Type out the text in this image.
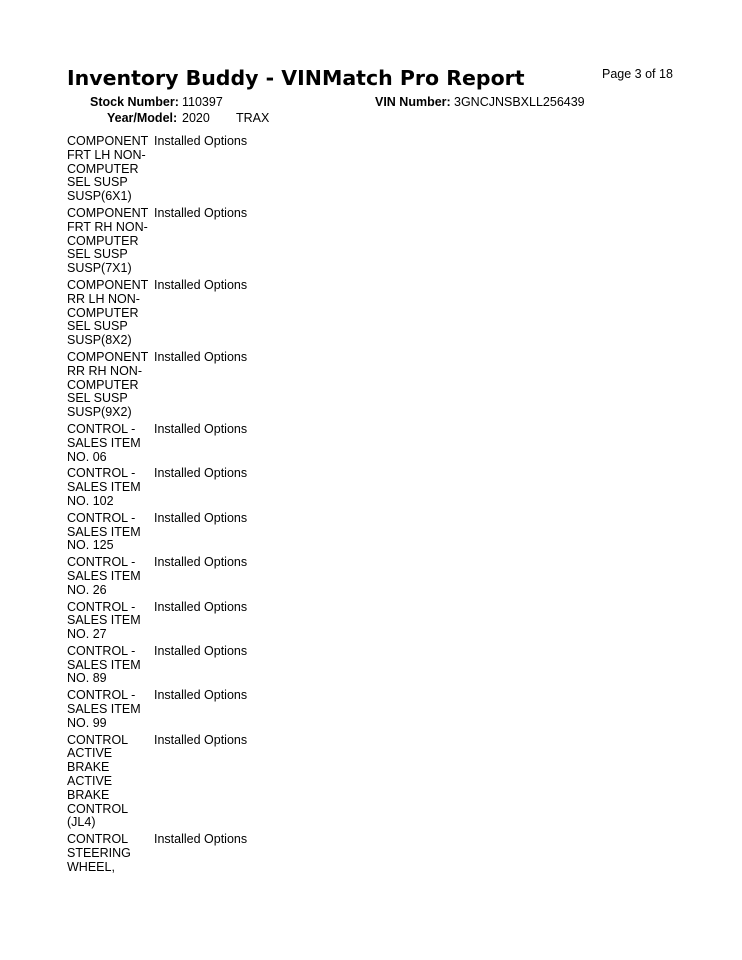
Inventory Buddy - VINMatch Pro Report	Page 3 of 18
Stock Number: 110397	VIN Number: 3GNCJNSBXLL256439
Year/Model: 2020 TRAX
COMPONENT
FRT LH NON-
COMPUTER
SEL SUSP
SUSP(6X1)
Installed Options
COMPONENT
FRT RH NON-
COMPUTER
SEL SUSP
SUSP(7X1)
Installed Options
COMPONENT
RR LH NON-
COMPUTER
SEL SUSP
SUSP(8X2)
Installed Options
COMPONENT
RR RH NON-
COMPUTER
SEL SUSP
SUSP(9X2)
Installed Options
CONTROL -
SALES ITEM
NO. 06
Installed Options
CONTROL -
SALES ITEM
NO. 102
Installed Options
CONTROL -
SALES ITEM
NO. 125
Installed Options
CONTROL -
SALES ITEM
NO. 26
Installed Options
CONTROL -
SALES ITEM
NO. 27
Installed Options
CONTROL -
SALES ITEM
NO. 89
Installed Options
CONTROL -
SALES ITEM
NO. 99
Installed Options
CONTROL
ACTIVE
BRAKE
ACTIVE
BRAKE
CONTROL
(JL4)
Installed Options
CONTROL
STEERING
WHEEL,
Installed Options
